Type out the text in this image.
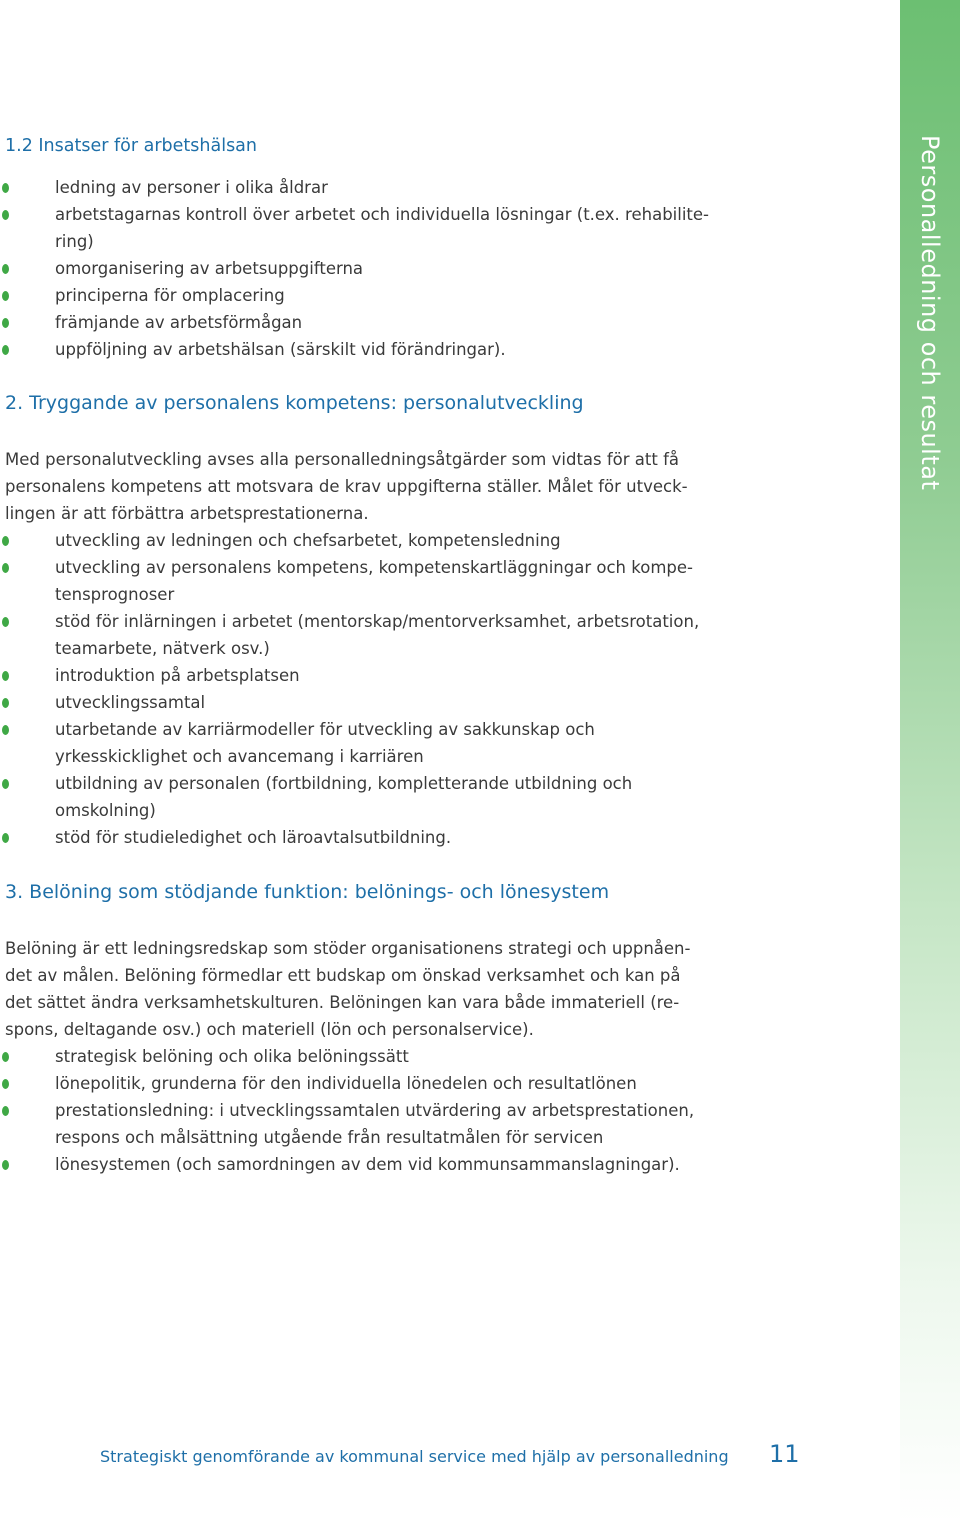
Personalledning och resultat
1.2 Insatser för arbetshälsan
ledning av personer i olika åldrar
arbetstagarnas kontroll över arbetet och individuella lösningar (t.ex. rehabilite-
ring)
omorganisering av arbetsuppgifterna
principerna för omplacering
främjande av arbetsförmågan
uppföljning av arbetshälsan (särskilt vid förändringar).
2. Tryggande av personalens kompetens: personalutveckling
Med personalutveckling avses alla personalledningsåtgärder som vidtas för att få
personalens kompetens att motsvara de krav uppgifterna ställer. Målet för utveck-
lingen är att förbättra arbetsprestationerna.
utveckling av ledningen och chefsarbetet, kompetensledning
utveckling av personalens kompetens, kompetenskartläggningar och kompe-
tensprognoser
stöd för inlärningen i arbetet (mentorskap/mentorverksamhet, arbetsrotation,
teamarbete, nätverk osv.)
introduktion på arbetsplatsen
utvecklingssamtal
utarbetande av karriärmodeller för utveckling av sakkunskap och
yrkesskicklighet och avancemang i karriären
utbildning av personalen (fortbildning, kompletterande utbildning och
omskolning)
stöd för studieledighet och läroavtalsutbildning.
3. Belöning som stödjande funktion: belönings- och lönesystem
Belöning är ett ledningsredskap som stöder organisationens strategi och uppnåen-
det av målen. Belöning förmedlar ett budskap om önskad verksamhet och kan på
det sättet ändra verksamhetskulturen. Belöningen kan vara både immateriell (re-
spons, deltagande osv.) och materiell (lön och personalservice).
strategisk belöning och olika belöningssätt
lönepolitik, grunderna för den individuella lönedelen och resultatlönen
prestationsledning: i utvecklingssamtalen utvärdering av arbetsprestationen,
respons och målsättning utgående från resultatmålen för servicen
lönesystemen (och samordningen av dem vid kommunsammanslagningar).
Strategiskt genomförande av kommunal service med hjälp av personalledning 11
